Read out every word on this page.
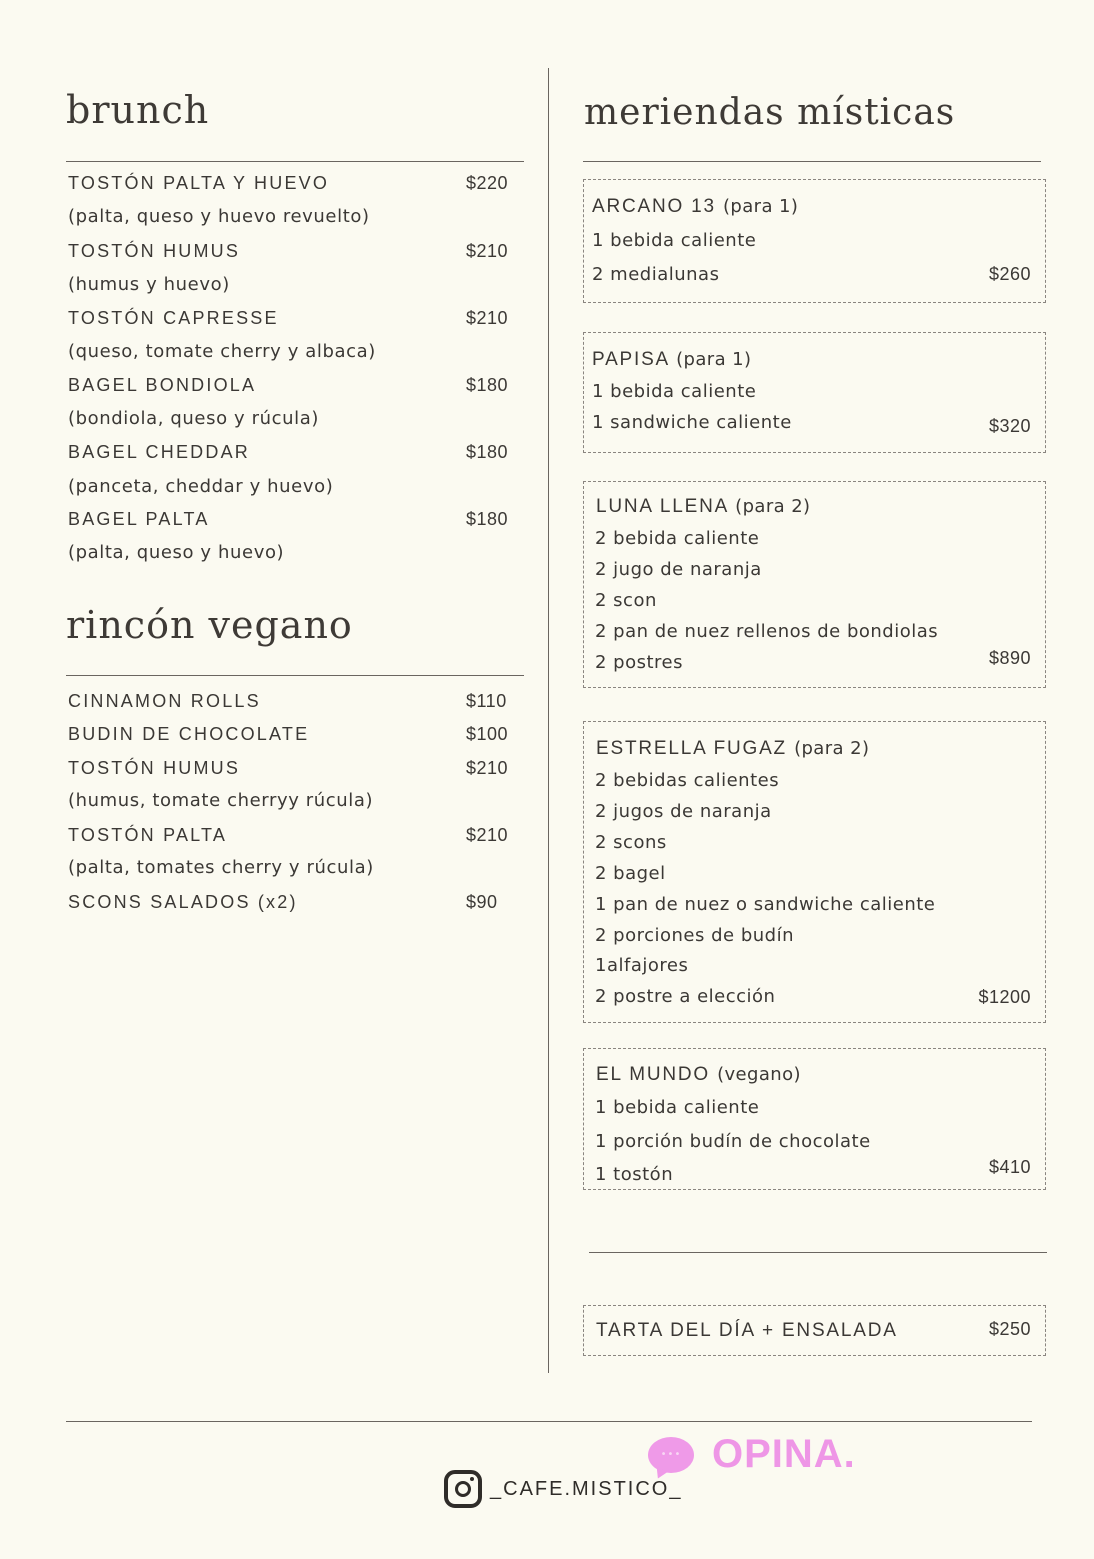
brunch
rincón vegano
meriendas místicas
TOSTÓN PALTA Y HUEVO	$220
(palta, queso y huevo revuelto)
TOSTÓN HUMUS	$210
(humus y huevo)
TOSTÓN CAPRESSE	$210
(queso, tomate cherry y albaca)
BAGEL BONDIOLA	$180
(bondiola, queso y rúcula)
BAGEL CHEDDAR	$180
(panceta, cheddar y huevo)
BAGEL PALTA	$180
(palta, queso y huevo)
CINNAMON ROLLS	$110
BUDIN DE CHOCOLATE	$100
TOSTÓN HUMUS	$210
(humus, tomate cherryy rúcula)
TOSTÓN PALTA	$210
(palta, tomates cherry y rúcula)
SCONS SALADOS (x2)	$90
ARCANO 13 (para 1)
1 bebida caliente
2 medialunas	$260
PAPISA (para 1)
1 bebida caliente
1 sandwiche caliente	$320
LUNA LLENA (para 2)
2 bebida caliente
2 jugo de naranja
2 scon
2 pan de nuez rellenos de bondiolas
2 postres	$890
ESTRELLA FUGAZ (para 2)
2 bebidas calientes
2 jugos de naranja
2 scons
2 bagel
1 pan de nuez o sandwiche caliente
2 porciones de budín
1alfajores
2 postre a elección	$1200
EL MUNDO (vegano)
1 bebida caliente
1 porción budín de chocolate
1 tostón	$410
TARTA DEL DÍA + ENSALADA	$250
_CAFE.MISTICO_
••• OPINA.
